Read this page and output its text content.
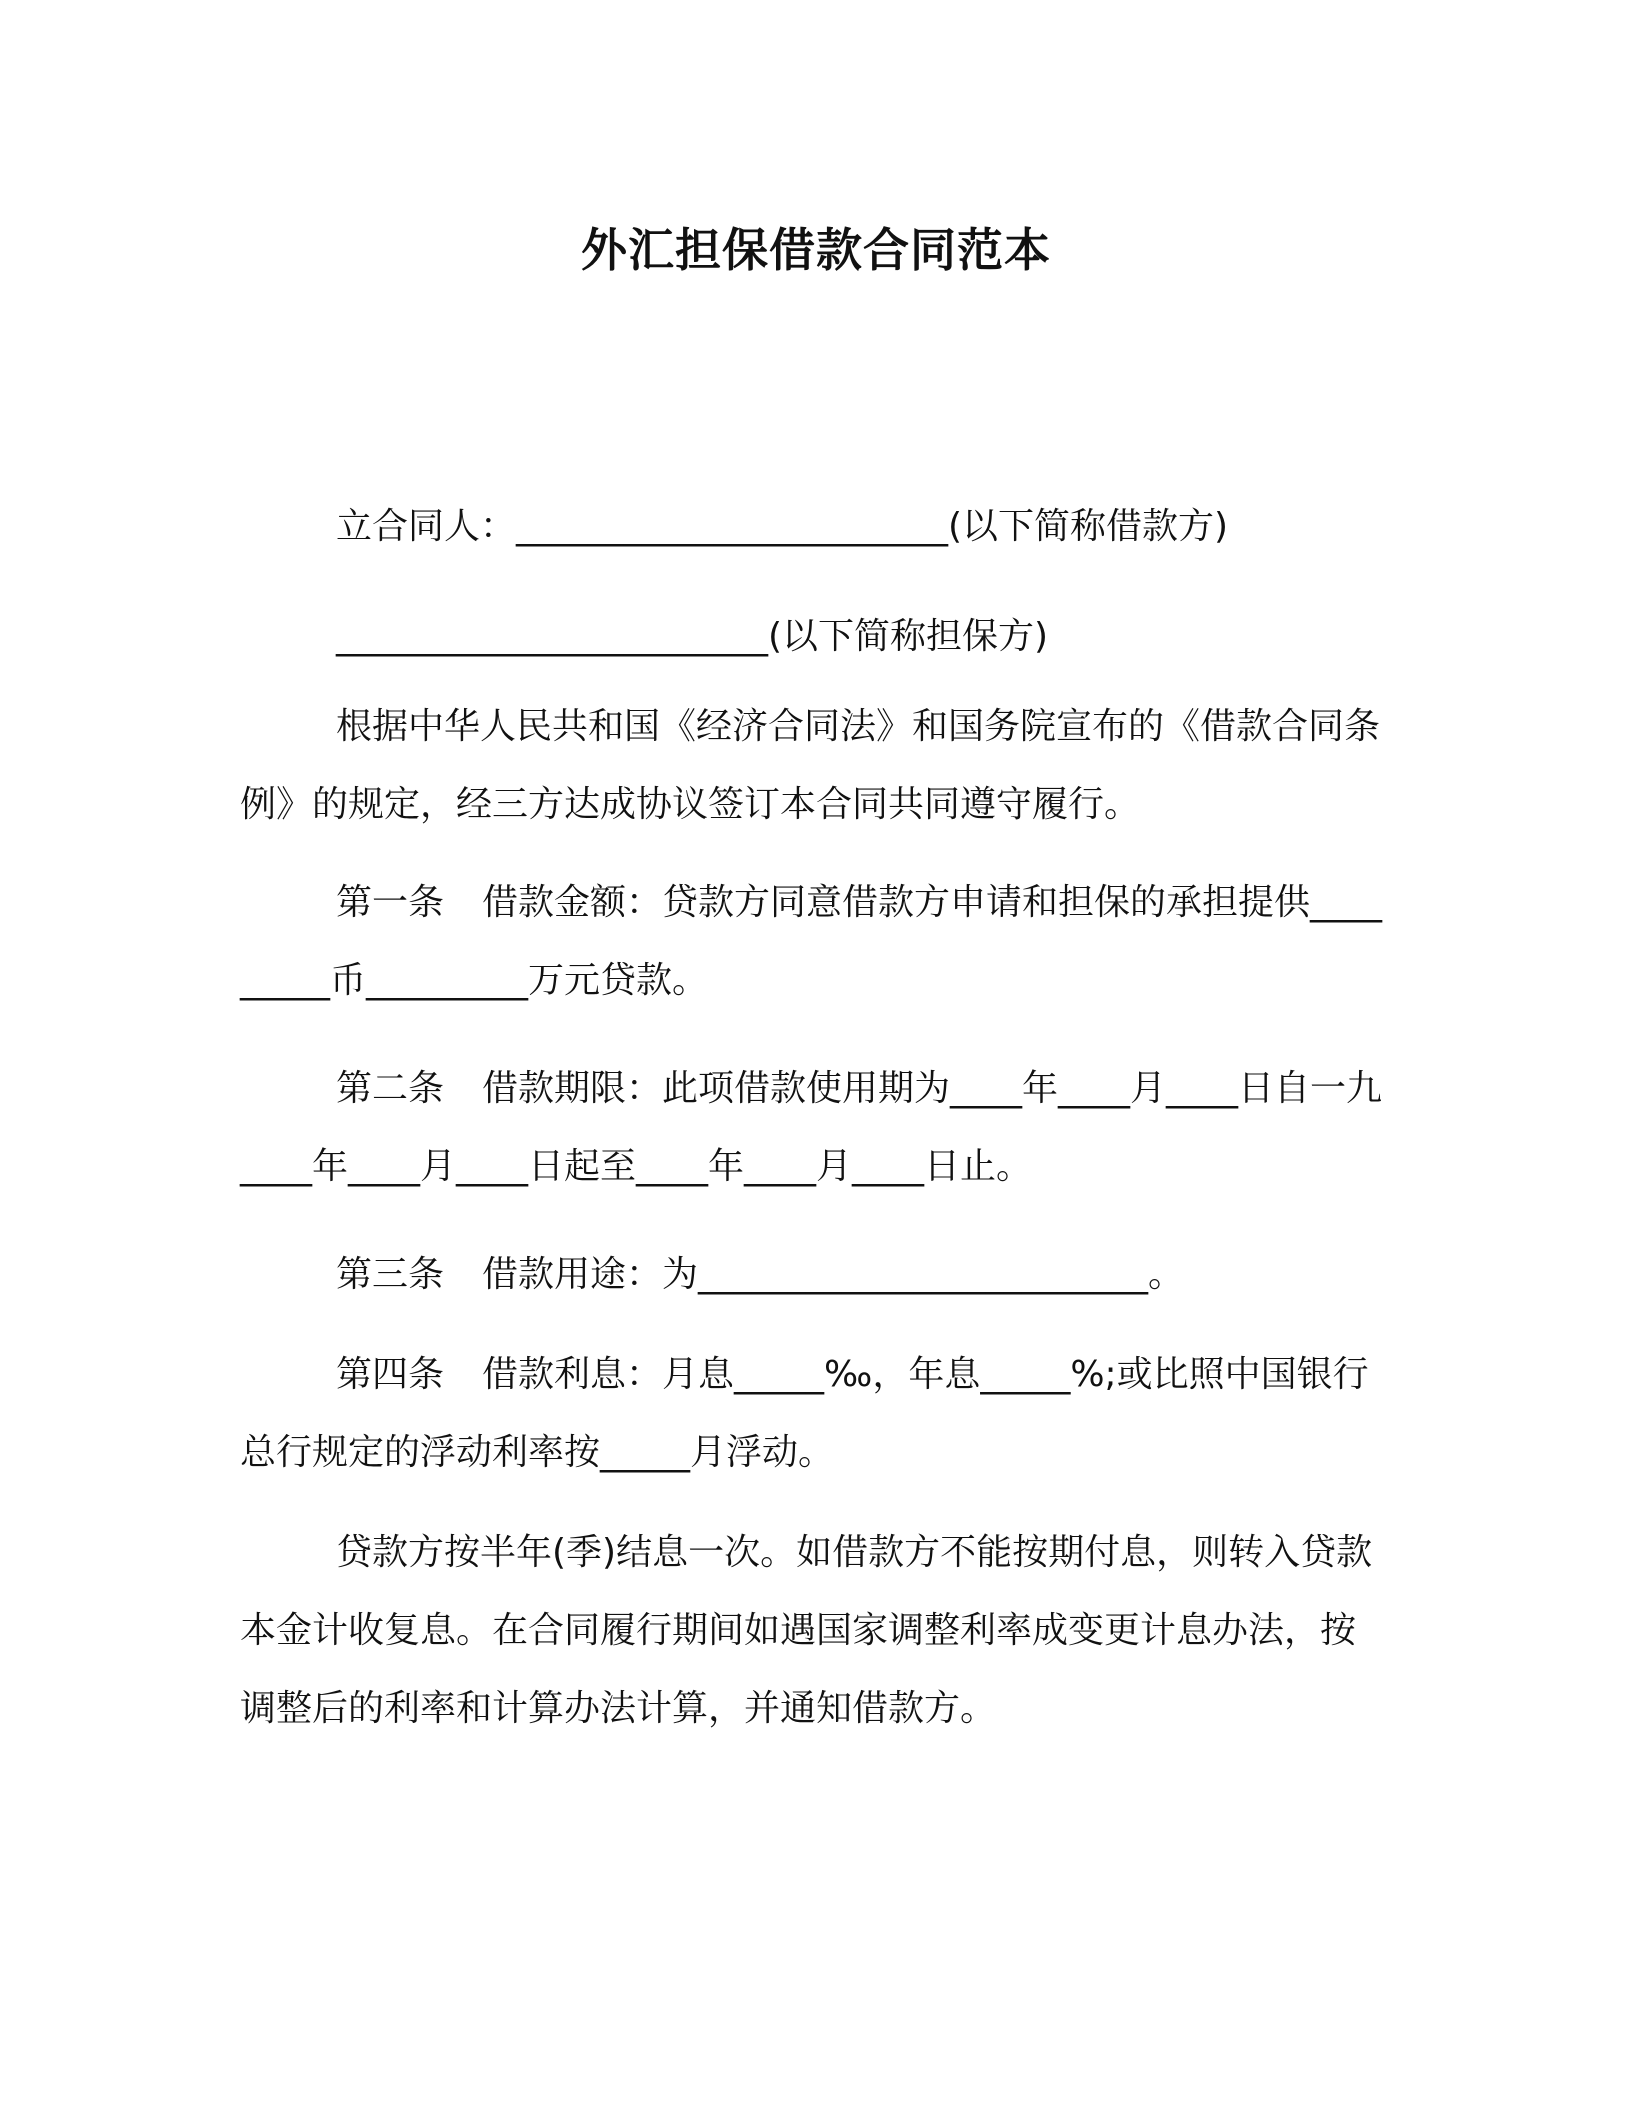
外汇担保借款合同范本

立合同人：________________________(以下简称借款方)

________________________(以下简称担保方)

根据中华人民共和国《经济合同法》和国务院宣布的《借款合同条例》的规定，经三方达成协议签订本合同共同遵守履行。

第一条 借款金额：贷款方同意借款方申请和担保的承担提供_________币_________万元贷款。

第二条 借款期限：此项借款使用期为____年____月____日自一九____年____月____日起至____年____月____日止。

第三条 借款用途：为_________________________。

第四条 借款利息：月息_____‰，年息_____%;或比照中国银行总行规定的浮动利率按_____月浮动。

贷款方按半年(季)结息一次。如借款方不能按期付息，则转入贷款本金计收复息。在合同履行期间如遇国家调整利率成变更计息办法，按调整后的利率和计算办法计算，并通知借款方。
